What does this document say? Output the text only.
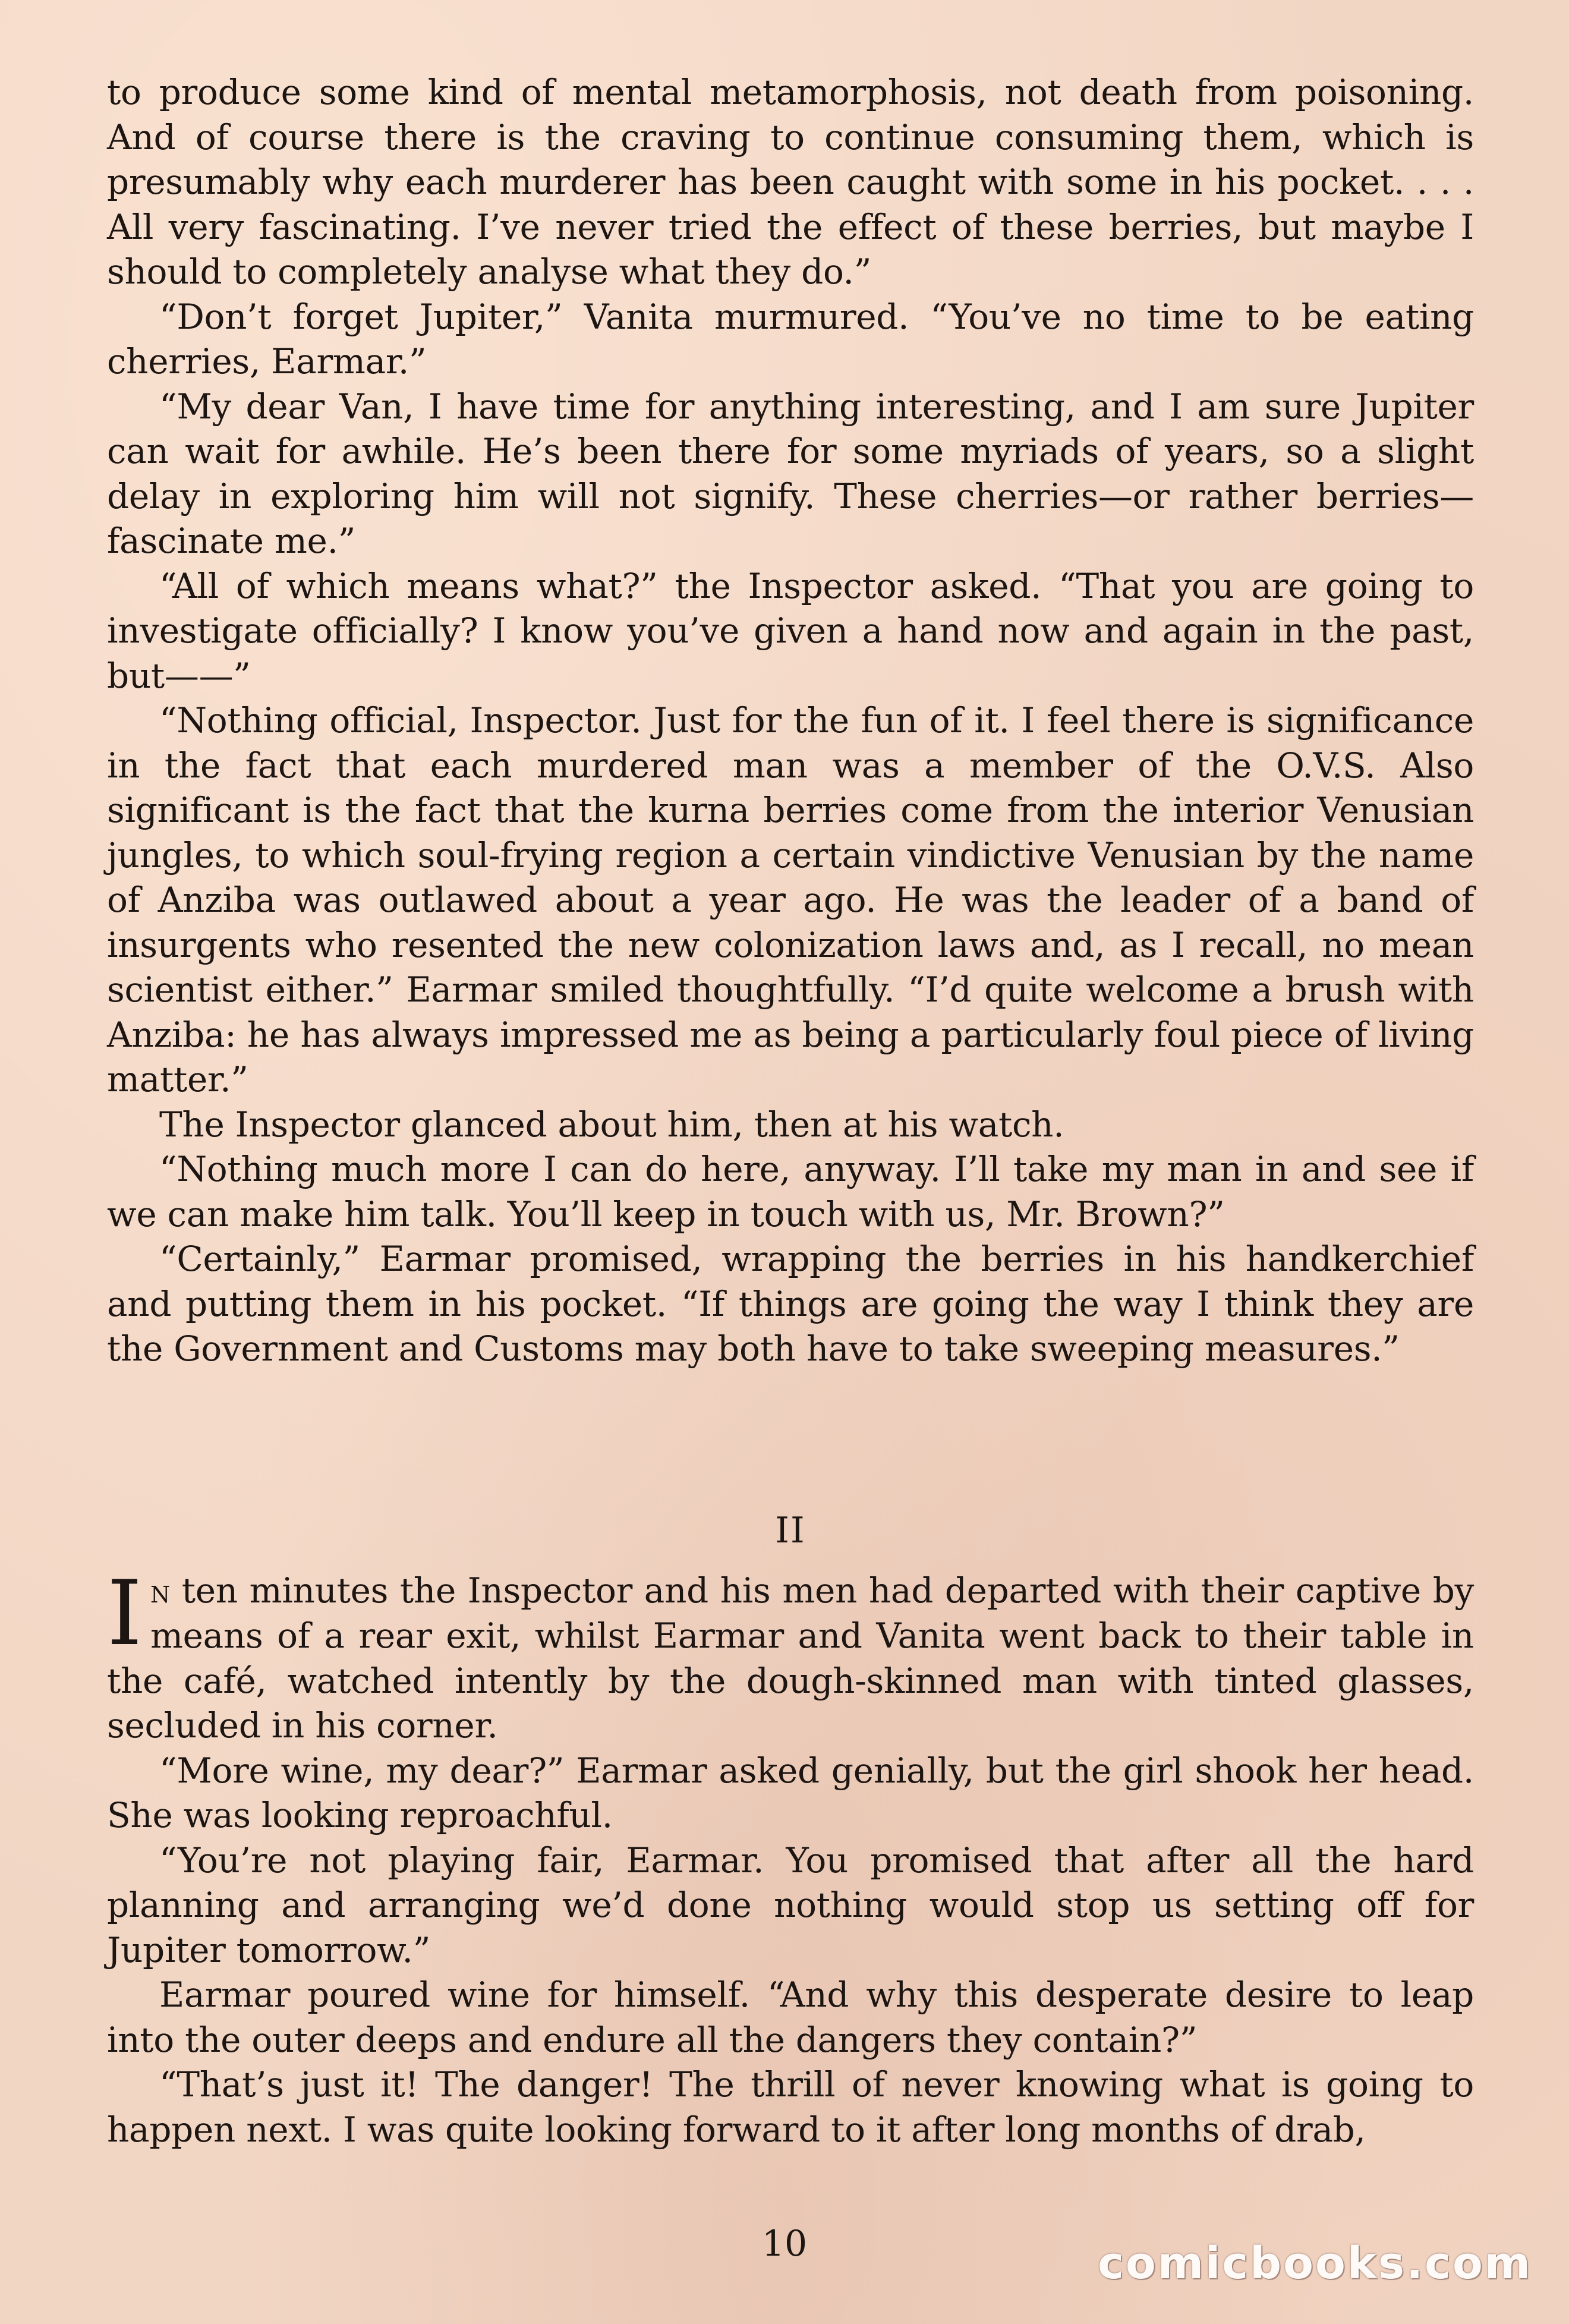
to produce some kind of mental metamorphosis, not death from poisoning. And of course there is the craving to continue consuming them, which is presumably why each murderer has been caught with some in his pocket. . . . All very fascinating. I’ve never tried the effect of these berries, but maybe I should to completely analyse what they do.”

“Don’t forget Jupiter,” Vanita murmured. “You’ve no time to be eating cherries, Earmar.”

“My dear Van, I have time for anything interesting, and I am sure Jupiter can wait for awhile. He’s been there for some myriads of years, so a slight delay in exploring him will not signify. These cherries—or rather berries—fascinate me.”

“All of which means what?” the Inspector asked. “That you are going to investigate officially? I know you’ve given a hand now and again in the past, but——”

“Nothing official, Inspector. Just for the fun of it. I feel there is significance in the fact that each murdered man was a member of the O.V.S. Also significant is the fact that the kurna berries come from the interior Venusian jungles, to which soul-frying region a certain vindictive Venusian by the name of Anziba was outlawed about a year ago. He was the leader of a band of insurgents who resented the new colonization laws and, as I recall, no mean scientist either.” Earmar smiled thoughtfully. “I’d quite welcome a brush with Anziba: he has always impressed me as being a particularly foul piece of living matter.”

The Inspector glanced about him, then at his watch.

“Nothing much more I can do here, anyway. I’ll take my man in and see if we can make him talk. You’ll keep in touch with us, Mr. Brown?”

“Certainly,” Earmar promised, wrapping the berries in his handkerchief and putting them in his pocket. “If things are going the way I think they are the Government and Customs may both have to take sweeping measures.”

II

In ten minutes the Inspector and his men had departed with their captive by means of a rear exit, whilst Earmar and Vanita went back to their table in the café, watched intently by the dough-skinned man with tinted glasses, secluded in his corner.

“More wine, my dear?” Earmar asked genially, but the girl shook her head. She was looking reproachful.

“You’re not playing fair, Earmar. You promised that after all the hard planning and arranging we’d done nothing would stop us setting off for Jupiter tomorrow.”

Earmar poured wine for himself. “And why this desperate desire to leap into the outer deeps and endure all the dangers they contain?”

“That’s just it! The danger! The thrill of never knowing what is going to happen next. I was quite looking forward to it after long months of drab,

10	comicbooks.com
